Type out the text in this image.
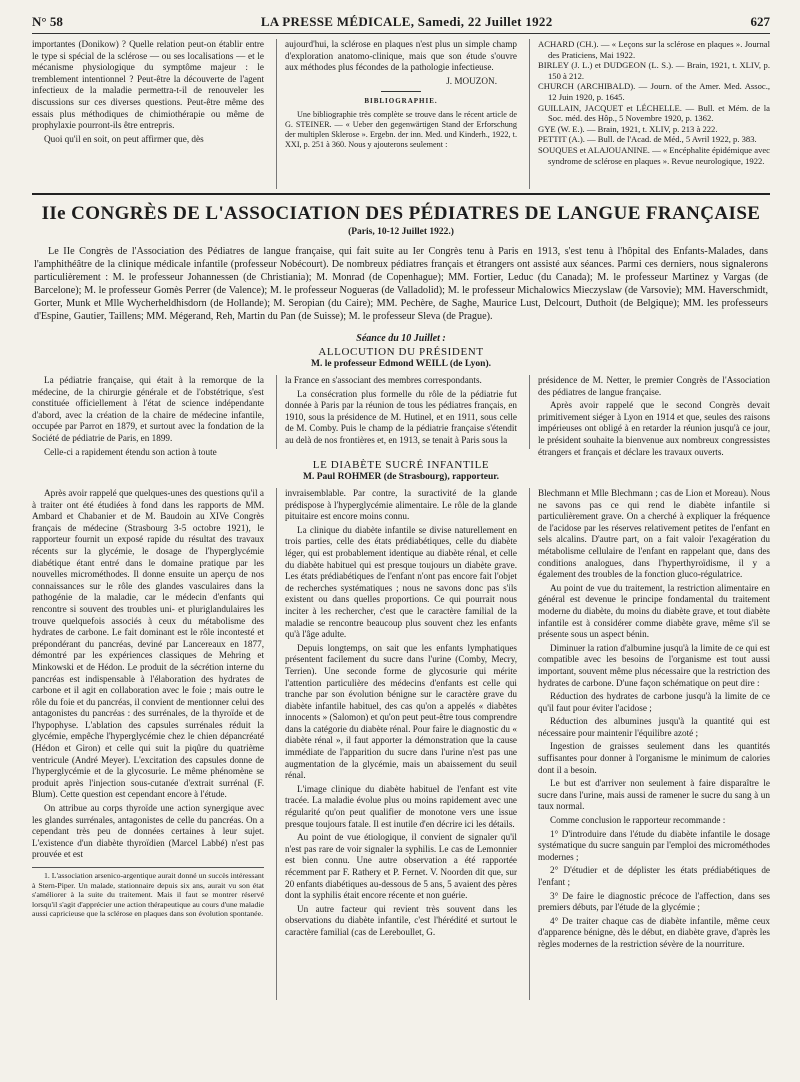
N° 58	LA PRESSE MÉDICALE, Samedi, 22 Juillet 1922	627

importantes (Donikow) ? Quelle relation peut-on établir entre le type si spécial de la sclérose — ou ses localisations — et le mécanisme physiologique du symptôme majeur : le tremblement intentionnel ? Peut-être la découverte de l'agent infectieux de la maladie permettra-t-il de renouveler les discussions sur ces diverses questions. Peut-être même des essais plus méthodiques de chimiothérapie ou même de prophylaxie pourront-ils être entrepris.

Quoi qu'il en soit, on peut affirmer que, dès

aujourd'hui, la sclérose en plaques n'est plus un simple champ d'exploration anatomo-clinique, mais que son étude s'ouvre aux méthodes plus fécondes de la pathologie infectieuse.

J. MOUZON.

BIBLIOGRAPHIE.

Une bibliographie très complète se trouve dans le récent article de G. STEINER. — « Ueber den gegenwärtigen Stand der Erforschung der multiplen Sklerose ». Ergebn. der inn. Med. und Kinderh., 1922, t. XXI, p. 251 à 360. Nous y ajouterons seulement :

ACHARD (CH.). — « Leçons sur la sclérose en plaques ». Journal des Praticiens, Mai 1922.

BIRLEY (J. L.) et DUDGEON (L. S.). — Brain, 1921, t. XLIV, p. 150 à 212.

CHURCH (ARCHIBALD). — Journ. of the Amer. Med. Assoc., 12 Juin 1920, p. 1645.

GUILLAIN, JACQUET et LÉCHELLE. — Bull. et Mém. de la Soc. méd. des Hôp., 5 Novembre 1920, p. 1362.

GYE (W. E.). — Brain, 1921, t. XLIV, p. 213 à 222.

PETTIT (A.). — Bull. de l'Acad. de Méd., 5 Avril 1922, p. 383.

SOUQUES et ALAJOUANINE. — « Encéphalite épidémique avec syndrome de sclérose en plaques ». Revue neurologique, 1922.

IIe CONGRÈS DE L'ASSOCIATION DES PÉDIATRES DE LANGUE FRANÇAISE
(Paris, 10-12 Juillet 1922.)

Le IIe Congrès de l'Association des Pédiatres de langue française, qui fait suite au Ier Congrès tenu à Paris en 1913, s'est tenu à l'hôpital des Enfants-Malades, dans l'amphithéâtre de la clinique médicale infantile (professeur Nobécourt). De nombreux pédiatres français et étrangers ont assisté aux séances. Parmi ces derniers, nous signalerons particulièrement : M. le professeur Johannessen (de Christiania); M. Monrad (de Copenhague); MM. Fortier, Leduc (du Canada); M. le professeur Martinez y Vargas (de Barcelone); M. le professeur Gomès Perrer (de Valence); M. le professeur Nogueras (de Valladolid); M. le professeur Michalowics Mieczyslaw (de Varsovie); MM. Haverschmidt, Gorter, Munk et Mlle Wycherheldhisdorn (de Hollande); M. Seropian (du Caire); MM. Pechère, de Saghe, Maurice Lust, Delcourt, Duthoit (de Belgique); MM. les professeurs d'Espine, Gautier, Taillens; MM. Mégerand, Reh, Martin du Pan (de Suisse); M. le professeur Sleva (de Prague).

Séance du 10 Juillet :
ALLOCUTION DU PRÉSIDENT
M. le professeur Edmond WEILL (de Lyon).

La pédiatrie française, qui était à la remorque de la médecine, de la chirurgie générale et de l'obstétrique, s'est constituée officiellement à l'état de science indépendante d'abord, avec la création de la chaire de médecine infantile, occupée par Parrot en 1879, et surtout avec la fondation de la Société de pédiatrie de Paris, en 1899.

Celle-ci a rapidement étendu son action à toute

la France en s'associant des membres correspondants.

La consécration plus formelle du rôle de la pédiatrie fut donnée à Paris par la réunion de tous les pédiatres français, en 1910, sous la présidence de M. Hutinel, et en 1911, sous celle de M. Comby. Puis le champ de la pédiatrie française s'étendit au delà de nos frontières et, en 1913, se tenait à Paris sous la

présidence de M. Netter, le premier Congrès de l'Association des pédiatres de langue française.

Après avoir rappelé que le second Congrès devait primitivement siéger à Lyon en 1914 et que, seules des raisons impérieuses ont obligé à en retarder la réunion jusqu'à ce jour, le président souhaite la bienvenue aux nombreux congressistes étrangers et français et déclare les travaux ouverts.

LE DIABÈTE SUCRÉ INFANTILE
M. Paul ROHMER (de Strasbourg), rapporteur.

Après avoir rappelé que quelques-unes des questions qu'il a à traiter ont été étudiées à fond dans les rapports de MM. Ambard et Chabanier et de M. Baudoin au XIVe Congrès français de médecine (Strasbourg 3-5 octobre 1921), le rapporteur fournit un exposé rapide du résultat des travaux récents sur la glycémie, le dosage de l'hyperglycémie diabétique étant entré dans le domaine pratique par les nouvelles microméthodes. Il donne ensuite un aperçu de nos connaissances sur le rôle des glandes vasculaires dans la pathogénie de la maladie, car le médecin d'enfants qui rencontre si souvent des troubles uni- et pluriglandulaires les trouve quelquefois associés à ceux du métabolisme des hydrates de carbone. Le fait dominant est le rôle incontesté et prépondérant du pancréas, deviné par Lancereaux en 1877, démontré par les expériences classiques de Mehring et Minkowski et de Hédon. Le produit de la sécrétion interne du pancréas est indispensable à l'élaboration des hydrates de carbone et il agit en collaboration avec le foie ; mais outre le rôle du foie et du pancréas, il convient de mentionner celui des antagonistes du pancréas : des surrénales, de la thyroïde et de l'hypophyse. L'ablation des capsules surrénales réduit la glycémie, empêche l'hyperglycémie chez le chien dépancréaté (Hédon et Giron) et celle qui suit la piqûre du quatrième ventricule (André Meyer). L'excitation des capsules donne de l'hyperglycémie et de la glycosurie. Le même phénomène se produit après l'injection sous-cutanée d'extrait surrénal (F. Blum). Cette question est cependant encore à l'étude.

On attribue au corps thyroïde une action synergique avec les glandes surrénales, antagonistes de celle du pancréas. On a cependant très peu de données certaines à leur sujet. L'existence d'un diabète thyroïdien (Marcel Labbé) n'est pas prouvée et est

1. L'association arsenico-argentique aurait donné un succès intéressant à Stern-Piper. Un malade, stationnaire depuis six ans, aurait vu son état s'améliorer à la suite du traitement. Mais il faut se montrer réservé lorsqu'il s'agit d'apprécier une action thérapeutique au cours d'une maladie aussi capricieuse que la sclérose en plaques dans son évolution spontanée.

invraisemblable. Par contre, la suractivité de la glande prédispose à l'hyperglycémie alimentaire. Le rôle de la glande pituitaire est encore moins connu.

La clinique du diabète infantile se divise naturellement en trois parties, celle des états prédiabétiques, celle du diabète léger, qui est probablement identique au diabète rénal, et celle du diabète habituel qui est presque toujours un diabète grave. Les états prédiabétiques de l'enfant n'ont pas encore fait l'objet de recherches systématiques ; nous ne savons donc pas s'ils existent ou dans quelles proportions. Ce qui pourrait nous inciter à les rechercher, c'est que le caractère familial de la maladie se rencontre beaucoup plus souvent chez les enfants qu'à l'âge adulte.

Depuis longtemps, on sait que les enfants lymphatiques présentent facilement du sucre dans l'urine (Comby, Mecry, Terrien). Une seconde forme de glycosurie qui mérite l'attention particulière des médecins d'enfants est celle qui tranche par son évolution bénigne sur le caractère grave du diabète infantile habituel, des cas qu'on a appelés « diabètes innocents » (Salomon) et qu'on peut peut-être tous comprendre dans la catégorie du diabète rénal. Pour faire le diagnostic du « diabète rénal », il faut apporter la démonstration que la cause immédiate de l'apparition du sucre dans l'urine n'est pas une augmentation de la glycémie, mais un abaissement du seuil rénal.

L'image clinique du diabète habituel de l'enfant est vite tracée. La maladie évolue plus ou moins rapidement avec une régularité qu'on peut qualifier de monotone vers une issue presque toujours fatale. Il est inutile d'en décrire ici les détails.

Au point de vue étiologique, il convient de signaler qu'il n'est pas rare de voir signaler la syphilis. Le cas de Lemonnier est bien connu. Une autre observation a été rapportée récemment par F. Rathery et P. Fernet. V. Noorden dit que, sur 20 enfants diabétiques au-dessous de 5 ans, 5 avaient des pères dont la syphilis était encore récente et non guérie.

Un autre facteur qui revient très souvent dans les observations du diabète infantile, c'est l'hérédité et surtout le caractère familial (cas de Lereboullet, G.

Blechmann et Mlle Blechmann ; cas de Lion et Moreau). Nous ne savons pas ce qui rend le diabète infantile si particulièrement grave. On a cherché à expliquer la fréquence de l'acidose par les réserves relativement petites de l'enfant en sels alcalins. D'autre part, on a fait valoir l'exagération du métabolisme cellulaire de l'enfant en rappelant que, dans des conditions analogues, dans l'hyperthyroïdisme, il y a également des troubles de la fonction gluco-régulatrice.

Au point de vue du traitement, la restriction alimentaire en général est devenue le principe fondamental du traitement moderne du diabète, du moins du diabète grave, et tout diabète infantile est à considérer comme diabète grave, même s'il se présente sous un aspect bénin.

Diminuer la ration d'albumine jusqu'à la limite de ce qui est compatible avec les besoins de l'organisme est tout aussi important, souvent même plus nécessaire que la restriction des hydrates de carbone. D'une façon schématique on peut dire :

Réduction des hydrates de carbone jusqu'à la limite de ce qu'il faut pour éviter l'acidose ;

Réduction des albumines jusqu'à la quantité qui est nécessaire pour maintenir l'équilibre azoté ;

Ingestion de graisses seulement dans les quantités suffisantes pour donner à l'organisme le minimum de calories dont il a besoin.

Le but est d'arriver non seulement à faire disparaître le sucre dans l'urine, mais aussi de ramener le sucre du sang à un taux normal.

Comme conclusion le rapporteur recommande :

1° D'introduire dans l'étude du diabète infantile le dosage systématique du sucre sanguin par l'emploi des microméthodes modernes ;

2° D'étudier et de déplister les états prédiabétiques de l'enfant ;

3° De faire le diagnostic précoce de l'affection, dans ses premiers débuts, par l'étude de la glycémie ;

4° De traiter chaque cas de diabète infantile, même ceux d'apparence bénigne, dès le début, en diabète grave, d'après les règles modernes de la restriction sévère de la nourriture.
